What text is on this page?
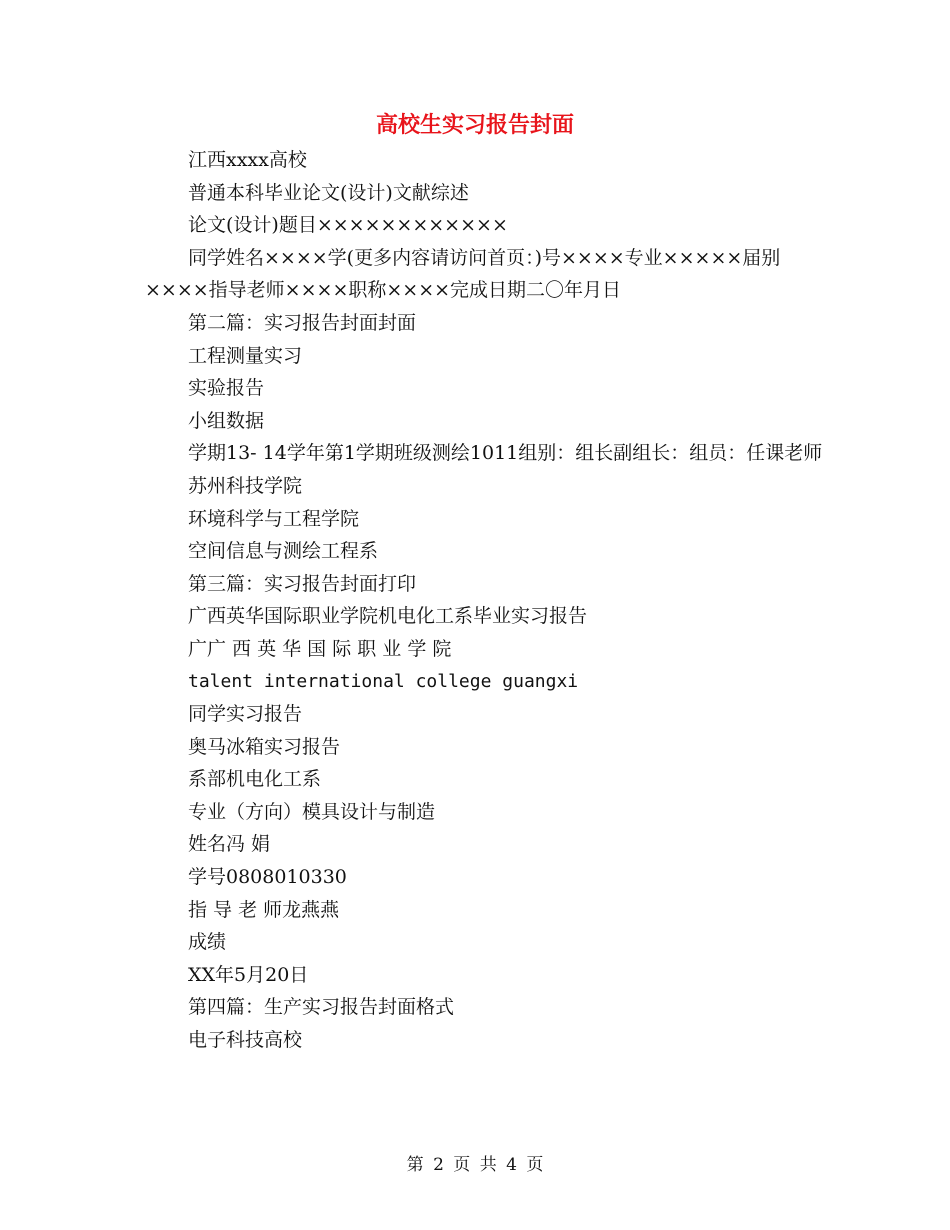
高校生实习报告封面

江西xxxx高校

普通本科毕业论文(设计)文献综述

论文(设计)题目××××××××××××

同学姓名××××学(更多内容请访问首页：)号××××专业×××××届别××××指导老师××××职称××××完成日期二〇年月日

第二篇：实习报告封面封面

工程测量实习

实验报告

小组数据

学期13- 14学年第1学期班级测绘1011组别：组长副组长：组员：任课老师

苏州科技学院

环境科学与工程学院

空间信息与测绘工程系

第三篇：实习报告封面打印

广西英华国际职业学院机电化工系毕业实习报告

广广 西 英 华 国 际 职 业 学 院

talent international college guangxi

同学实习报告

奥马冰箱实习报告

系部机电化工系

专业（方向）模具设计与制造

姓名冯 娟

学号0808010330

指 导 老 师龙燕燕

成绩

XX年5月20日

第四篇：生产实习报告封面格式

电子科技高校

第 2 页 共 4 页
